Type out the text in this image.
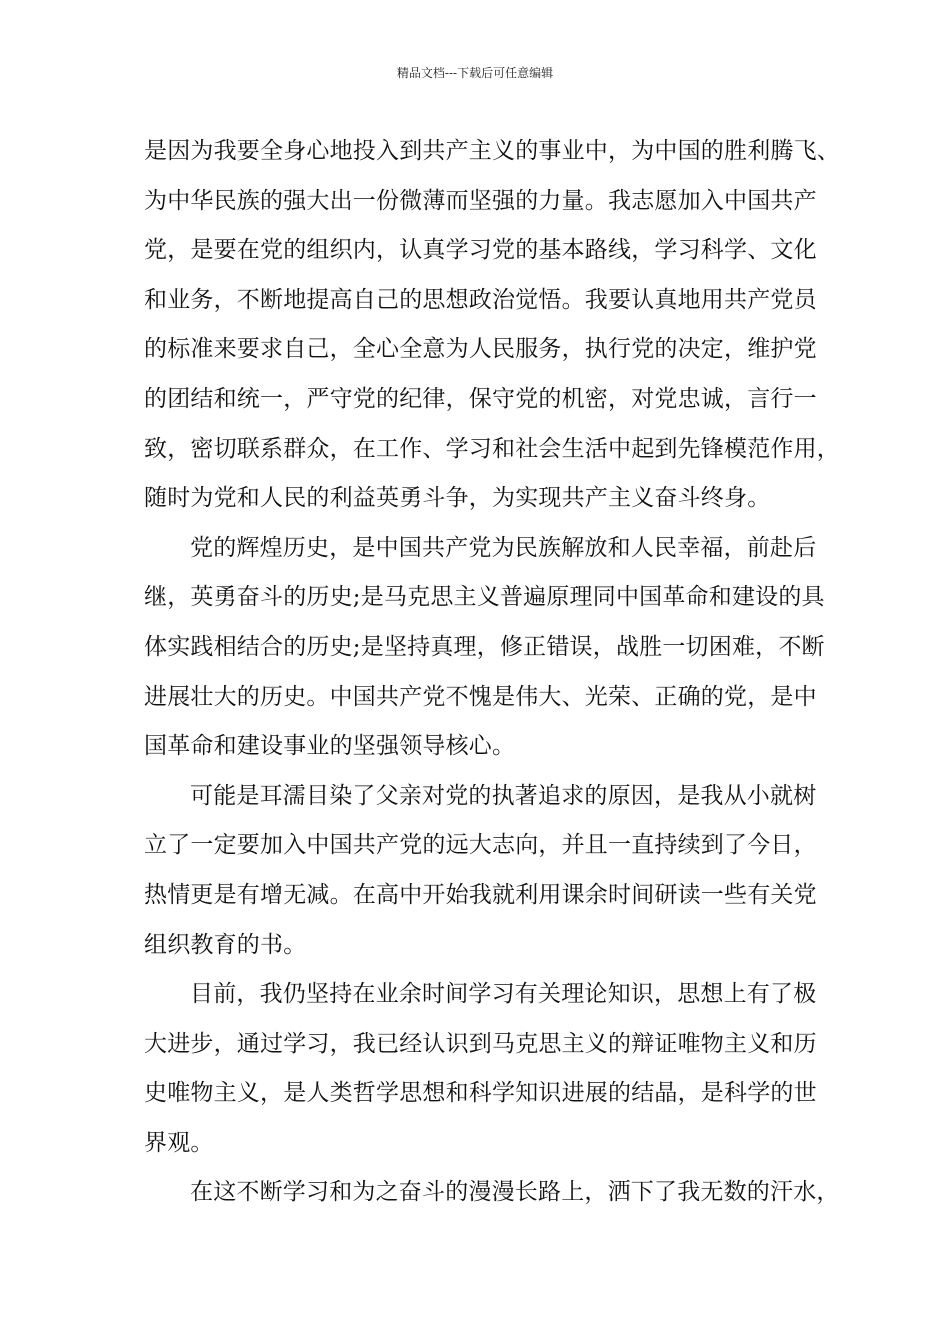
精品文档---下载后可任意编辑
是因为我要全身心地投入到共产主义的事业中，为中国的胜利腾飞、
为中华民族的强大出一份微薄而坚强的力量。我志愿加入中国共产
党，是要在党的组织内，认真学习党的基本路线，学习科学、文化
和业务，不断地提高自己的思想政治觉悟。我要认真地用共产党员
的标准来要求自己，全心全意为人民服务，执行党的决定，维护党
的团结和统一，严守党的纪律，保守党的机密，对党忠诚，言行一
致，密切联系群众，在工作、学习和社会生活中起到先锋模范作用，
随时为党和人民的利益英勇斗争，为实现共产主义奋斗终身。
党的辉煌历史，是中国共产党为民族解放和人民幸福，前赴后
继，英勇奋斗的历史;是马克思主义普遍原理同中国革命和建设的具
体实践相结合的历史;是坚持真理，修正错误，战胜一切困难，不断
进展壮大的历史。中国共产党不愧是伟大、光荣、正确的党，是中
国革命和建设事业的坚强领导核心。
可能是耳濡目染了父亲对党的执著追求的原因，是我从小就树
立了一定要加入中国共产党的远大志向，并且一直持续到了今日，
热情更是有增无减。在高中开始我就利用课余时间研读一些有关党
组织教育的书。
目前，我仍坚持在业余时间学习有关理论知识，思想上有了极
大进步，通过学习，我已经认识到马克思主义的辩证唯物主义和历
史唯物主义，是人类哲学思想和科学知识进展的结晶，是科学的世
界观。
在这不断学习和为之奋斗的漫漫长路上，洒下了我无数的汗水，
